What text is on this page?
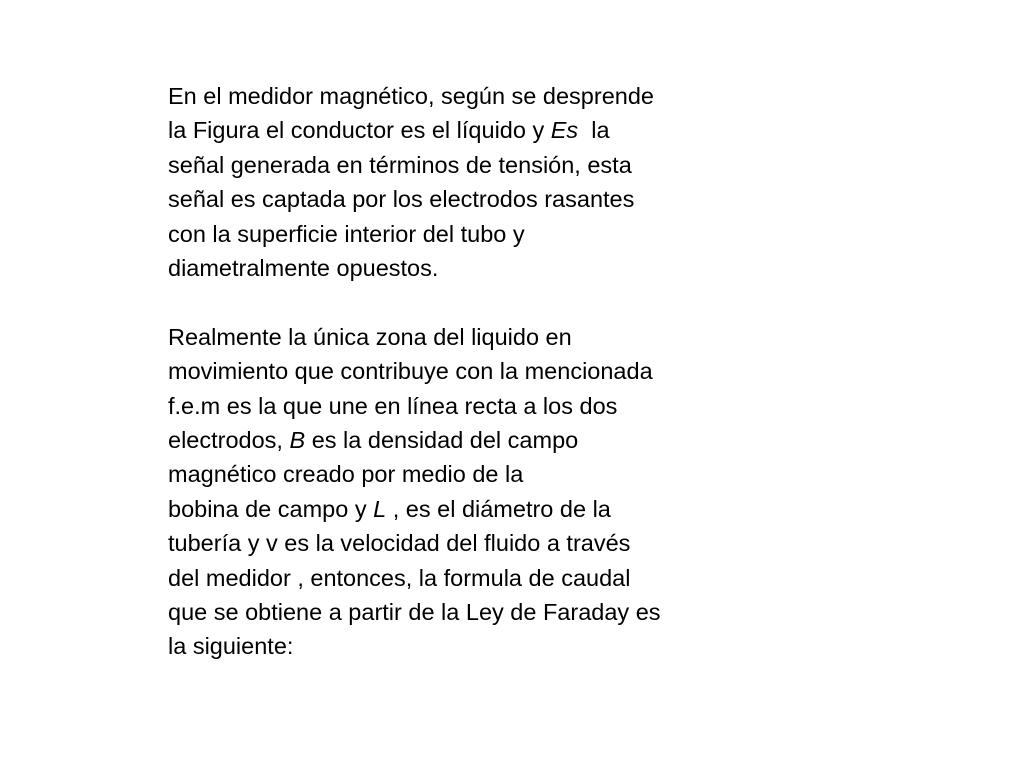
En el medidor magnético, según se desprende
la Figura el conductor es el líquido y Es  la
señal generada en términos de tensión, esta
señal es captada por los electrodos rasantes
con la superficie interior del tubo y
diametralmente opuestos.
Realmente la única zona del liquido en
movimiento que contribuye con la mencionada
f.e.m es la que une en línea recta a los dos
electrodos, B es la densidad del campo
magnético creado por medio de la
bobina de campo y L , es el diámetro de la
tubería y v es la velocidad del fluido a través
del medidor , entonces, la formula de caudal
que se obtiene a partir de la Ley de Faraday es
la siguiente:
